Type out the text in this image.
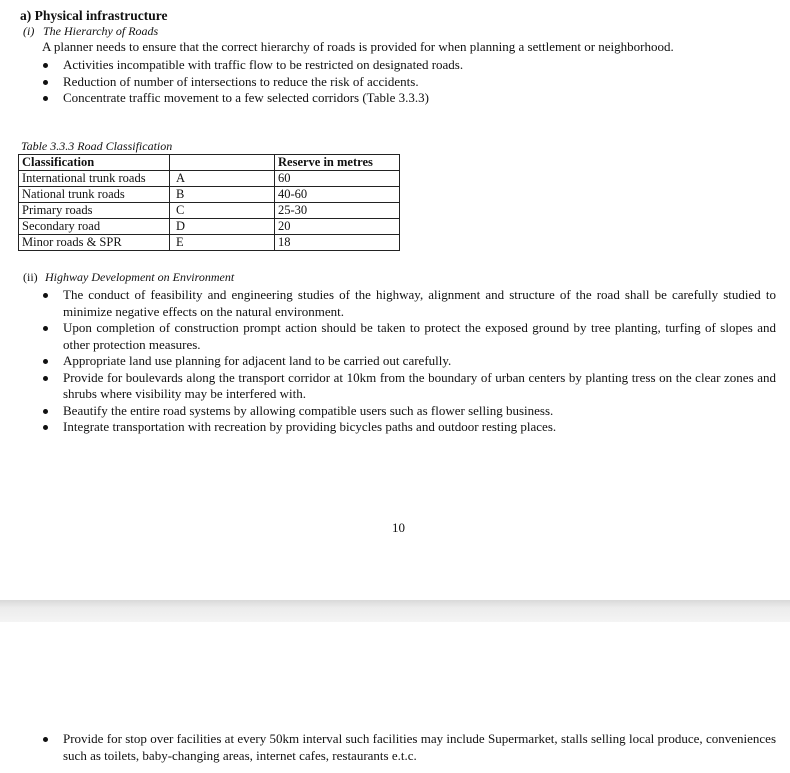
a) Physical infrastructure
(i) The Hierarchy of Roads
A planner needs to ensure that the correct hierarchy of roads is provided for when planning a settlement or neighborhood.
Activities incompatible with traffic flow to be restricted on designated roads.
Reduction of number of intersections to reduce the risk of accidents.
Concentrate traffic movement to a few selected corridors (Table 3.3.3)
Table 3.3.3 Road Classification
Classification		Reserve in metres
International trunk roads	A	60
National trunk roads	B	40-60
Primary roads	C	25-30
Secondary road	D	20
Minor roads & SPR	E	18
(ii) Highway Development on Environment
The conduct of feasibility and engineering studies of the highway, alignment and structure of the road shall be carefully studied to minimize negative effects on the natural environment.
Upon completion of construction prompt action should be taken to protect the exposed ground by tree planting, turfing of slopes and other protection measures.
Appropriate land use planning for adjacent land to be carried out carefully.
Provide for boulevards along the transport corridor at 10km from the boundary of urban centers by planting tress on the clear zones and shrubs where visibility may be interfered with.
Beautify the entire road systems by allowing compatible users such as flower selling business.
Integrate transportation with recreation by providing bicycles paths and outdoor resting places.
10
Provide for stop over facilities at every 50km interval such facilities may include Supermarket, stalls selling local produce, conveniences such as toilets, baby-changing areas, internet cafes, restaurants e.t.c.
